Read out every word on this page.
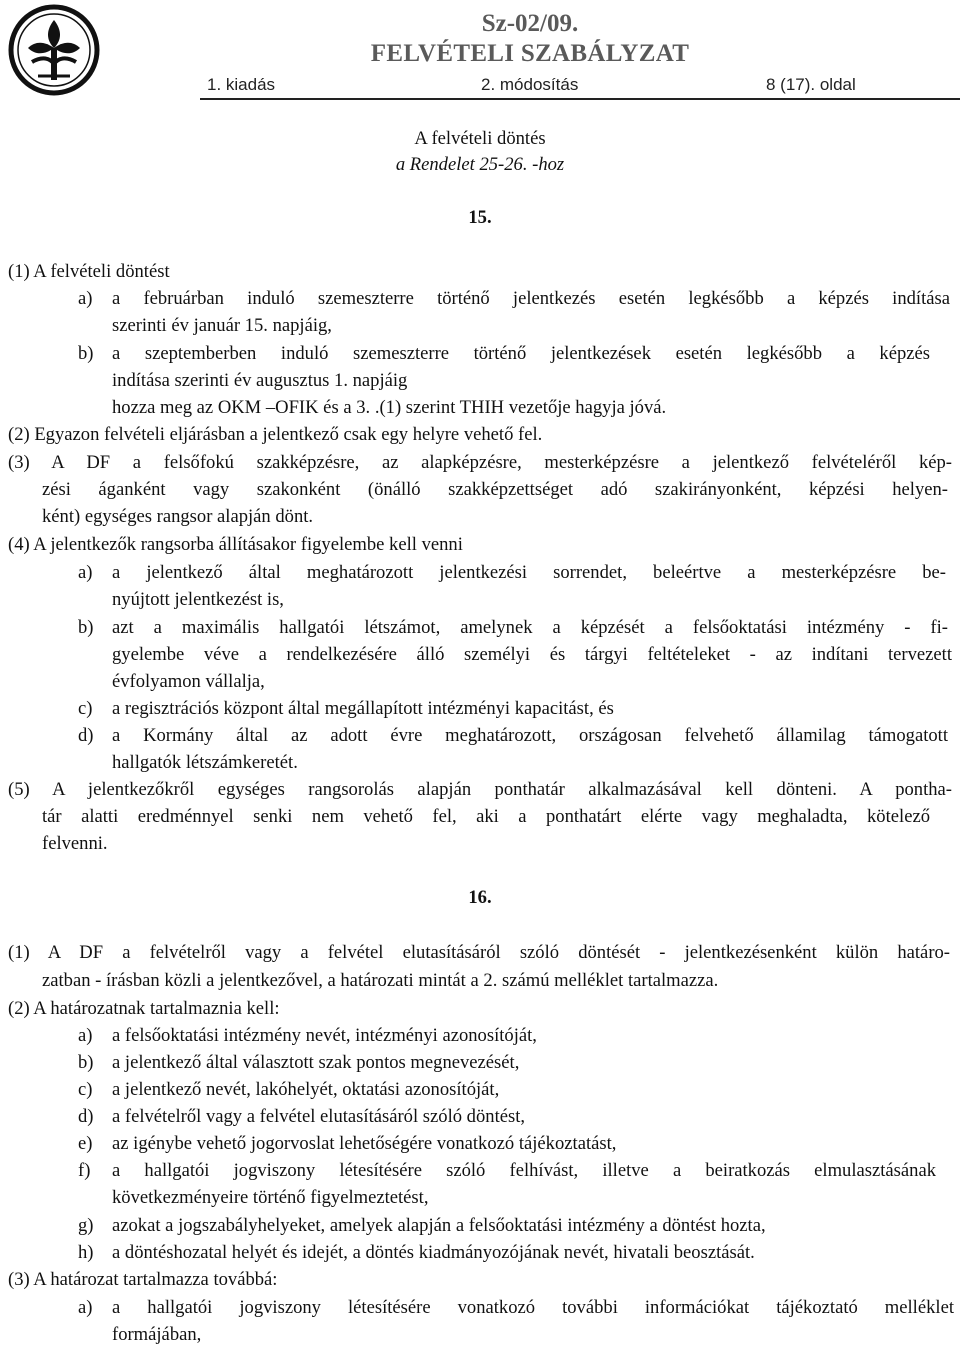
Sz-02/09.
FELVÉTELI SZABÁLYZAT
1. kiadás	2. módosítás	8 (17). oldal
A felvételi döntés
a Rendelet 25-26. -hoz
15.
(1) A felvételi döntést
a) a februárban induló szemeszterre történő jelentkezés esetén legkésőbb a képzés indítása
szerinti év január 15. napjáig,
b) a szeptemberben induló szemeszterre történő jelentkezések esetén legkésőbb a képzés
indítása szerinti év augusztus 1. napjáig
hozza meg az OKM –OFIK és a 3. .(1) szerint THIH vezetője hagyja jóvá.
(2) Egyazon felvételi eljárásban a jelentkező csak egy helyre vehető fel.
(3) A DF a felsőfokú szakképzésre, az alapképzésre, mesterképzésre a jelentkező felvételéről kép-
zési áganként vagy szakonként (önálló szakképzettséget adó szakirányonként, képzési helyen-
ként) egységes rangsor alapján dönt.
(4) A jelentkezők rangsorba állításakor figyelembe kell venni
a) a jelentkező által meghatározott jelentkezési sorrendet, beleértve a mesterképzésre be-
nyújtott jelentkezést is,
b) azt a maximális hallgatói létszámot, amelynek a képzését a felsőoktatási intézmény - fi-
gyelembe véve a rendelkezésére álló személyi és tárgyi feltételeket - az indítani tervezett
évfolyamon vállalja,
c) a regisztrációs központ által megállapított intézményi kapacitást, és
d) a Kormány által az adott évre meghatározott, országosan felvehető államilag támogatott
hallgatók létszámkeretét.
(5) A jelentkezőkről egységes rangsorolás alapján ponthatár alkalmazásával kell dönteni. A pontha-
tár alatti eredménnyel senki nem vehető fel, aki a ponthatárt elérte vagy meghaladta, kötelező
felvenni.
16.
(1) A DF a felvételről vagy a felvétel elutasításáról szóló döntését - jelentkezésenként külön határo-
zatban - írásban közli a jelentkezővel, a határozati mintát a 2. számú melléklet tartalmazza.
(2) A határozatnak tartalmaznia kell:
a) a felsőoktatási intézmény nevét, intézményi azonosítóját,
b) a jelentkező által választott szak pontos megnevezését,
c) a jelentkező nevét, lakóhelyét, oktatási azonosítóját,
d) a felvételről vagy a felvétel elutasításáról szóló döntést,
e) az igénybe vehető jogorvoslat lehetőségére vonatkozó tájékoztatást,
f) a hallgatói jogviszony létesítésére szóló felhívást, illetve a beiratkozás elmulasztásának
következményeire történő figyelmeztetést,
g) azokat a jogszabályhelyeket, amelyek alapján a felsőoktatási intézmény a döntést hozta,
h) a döntéshozatal helyét és idejét, a döntés kiadmányozójának nevét, hivatali beosztását.
(3) A határozat tartalmazza továbbá:
a) a hallgatói jogviszony létesítésére vonatkozó további információkat tájékoztató melléklet
formájában,
